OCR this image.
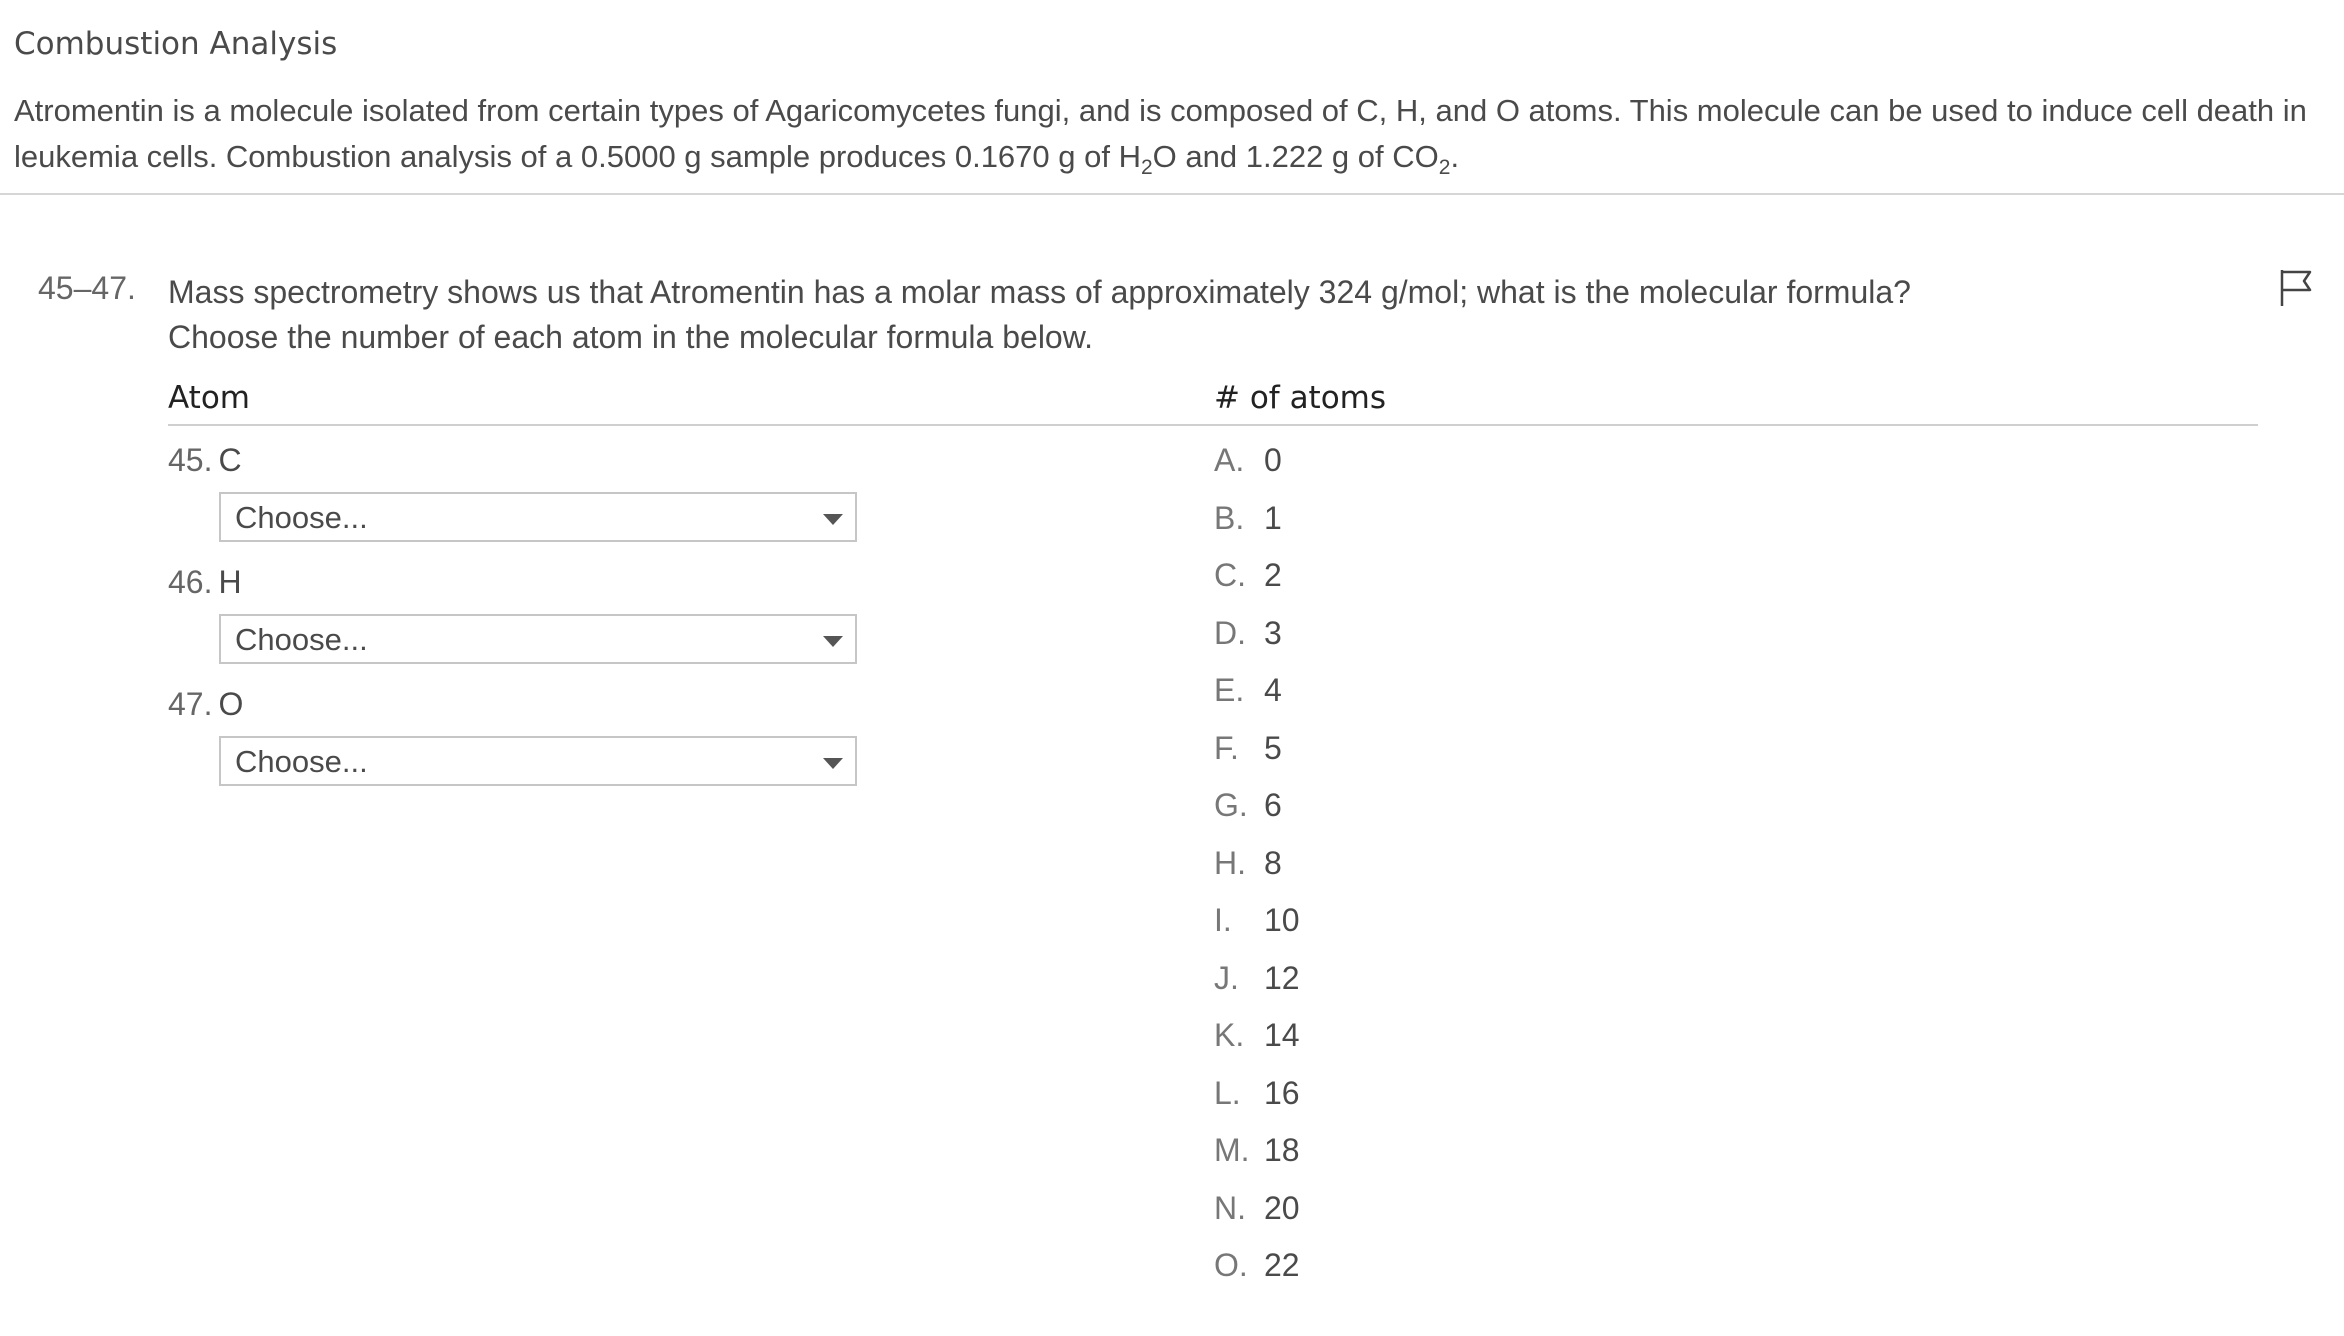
Combustion Analysis

Atromentin is a molecule isolated from certain types of Agaricomycetes fungi, and is composed of C, H, and O atoms. This molecule can be used to induce cell death in leukemia cells. Combustion analysis of a 0.5000 g sample produces 0.1670 g of $H_2O$ and 1.222 g of $CO_2$.

45–47. Mass spectrometry shows us that Atromentin has a molar mass of approximately 324 g/mol; what is the molecular formula?
Choose the number of each atom in the molecular formula below.

Atom	# of atoms
45. C
Choose...
46. H
Choose...
47. O
Choose...
A. 0
B. 1
C. 2
D. 3
E. 4
F. 5
G. 6
H. 8
I. 10
J. 12
K. 14
L. 16
M. 18
N. 20
O. 22
